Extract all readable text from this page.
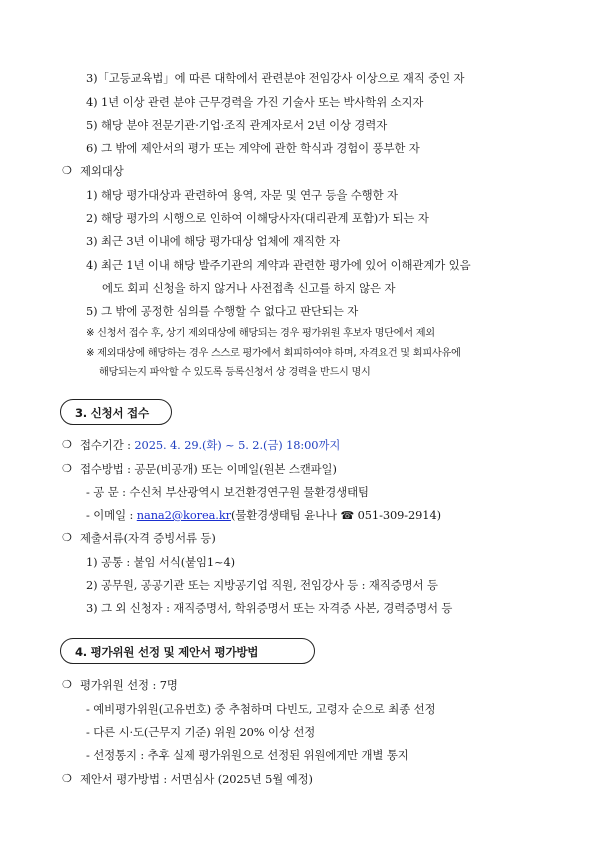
3)「고등교육법」에 따른 대학에서 관련분야 전임강사 이상으로 재직 중인 자
4) 1년 이상 관련 분야 근무경력을 가진 기술사 또는 박사학위 소지자
5) 해당 분야 전문기관·기업·조직 관계자로서 2년 이상 경력자
6) 그 밖에 제안서의 평가 또는 계약에 관한 학식과 경험이 풍부한 자
❍ 제외대상
1) 해당 평가대상과 관련하여 용역, 자문 및 연구 등을 수행한 자
2) 해당 평가의 시행으로 인하여 이해당사자(대리관계 포함)가 되는 자
3) 최근 3년 이내에 해당 평가대상 업체에 재직한 자
4) 최근 1년 이내 해당 발주기관의 계약과 관련한 평가에 있어 이해관계가 있음
에도 회피 신청을 하지 않거나 사전접촉 신고를 하지 않은 자
5) 그 밖에 공정한 심의를 수행할 수 없다고 판단되는 자
※ 신청서 접수 후, 상기 제외대상에 해당되는 경우 평가위원 후보자 명단에서 제외
※ 제외대상에 해당하는 경우 스스로 평가에서 회피하여야 하며, 자격요건 및 회피사유에
해당되는지 파악할 수 있도록 등록신청서 상 경력을 반드시 명시
3. 신청서 접수
❍ 접수기간 : 2025. 4. 29.(화) ~ 5. 2.(금) 18:00까지
❍ 접수방법 : 공문(비공개) 또는 이메일(원본 스캔파일)
- 공 문 : 수신처 부산광역시 보건환경연구원 물환경생태팀
- 이메일 : nana2@korea.kr(물환경생태팀 윤나나 ☎ 051-309-2914)
❍ 제출서류(자격 증빙서류 등)
1) 공통 : 붙임 서식(붙임1~4)
2) 공무원, 공공기관 또는 지방공기업 직원, 전임강사 등 : 재직증명서 등
3) 그 외 신청자 : 재직증명서, 학위증명서 또는 자격증 사본, 경력증명서 등
4. 평가위원 선정 및 제안서 평가방법
❍ 평가위원 선정 : 7명
- 예비평가위원(고유번호) 중 추첨하며 다빈도, 고령자 순으로 최종 선정
- 다른 시·도(근무지 기준) 위원 20% 이상 선정
- 선정통지 : 추후 실제 평가위원으로 선정된 위원에게만 개별 통지
❍ 제안서 평가방법 : 서면심사 (2025년 5월 예정)
